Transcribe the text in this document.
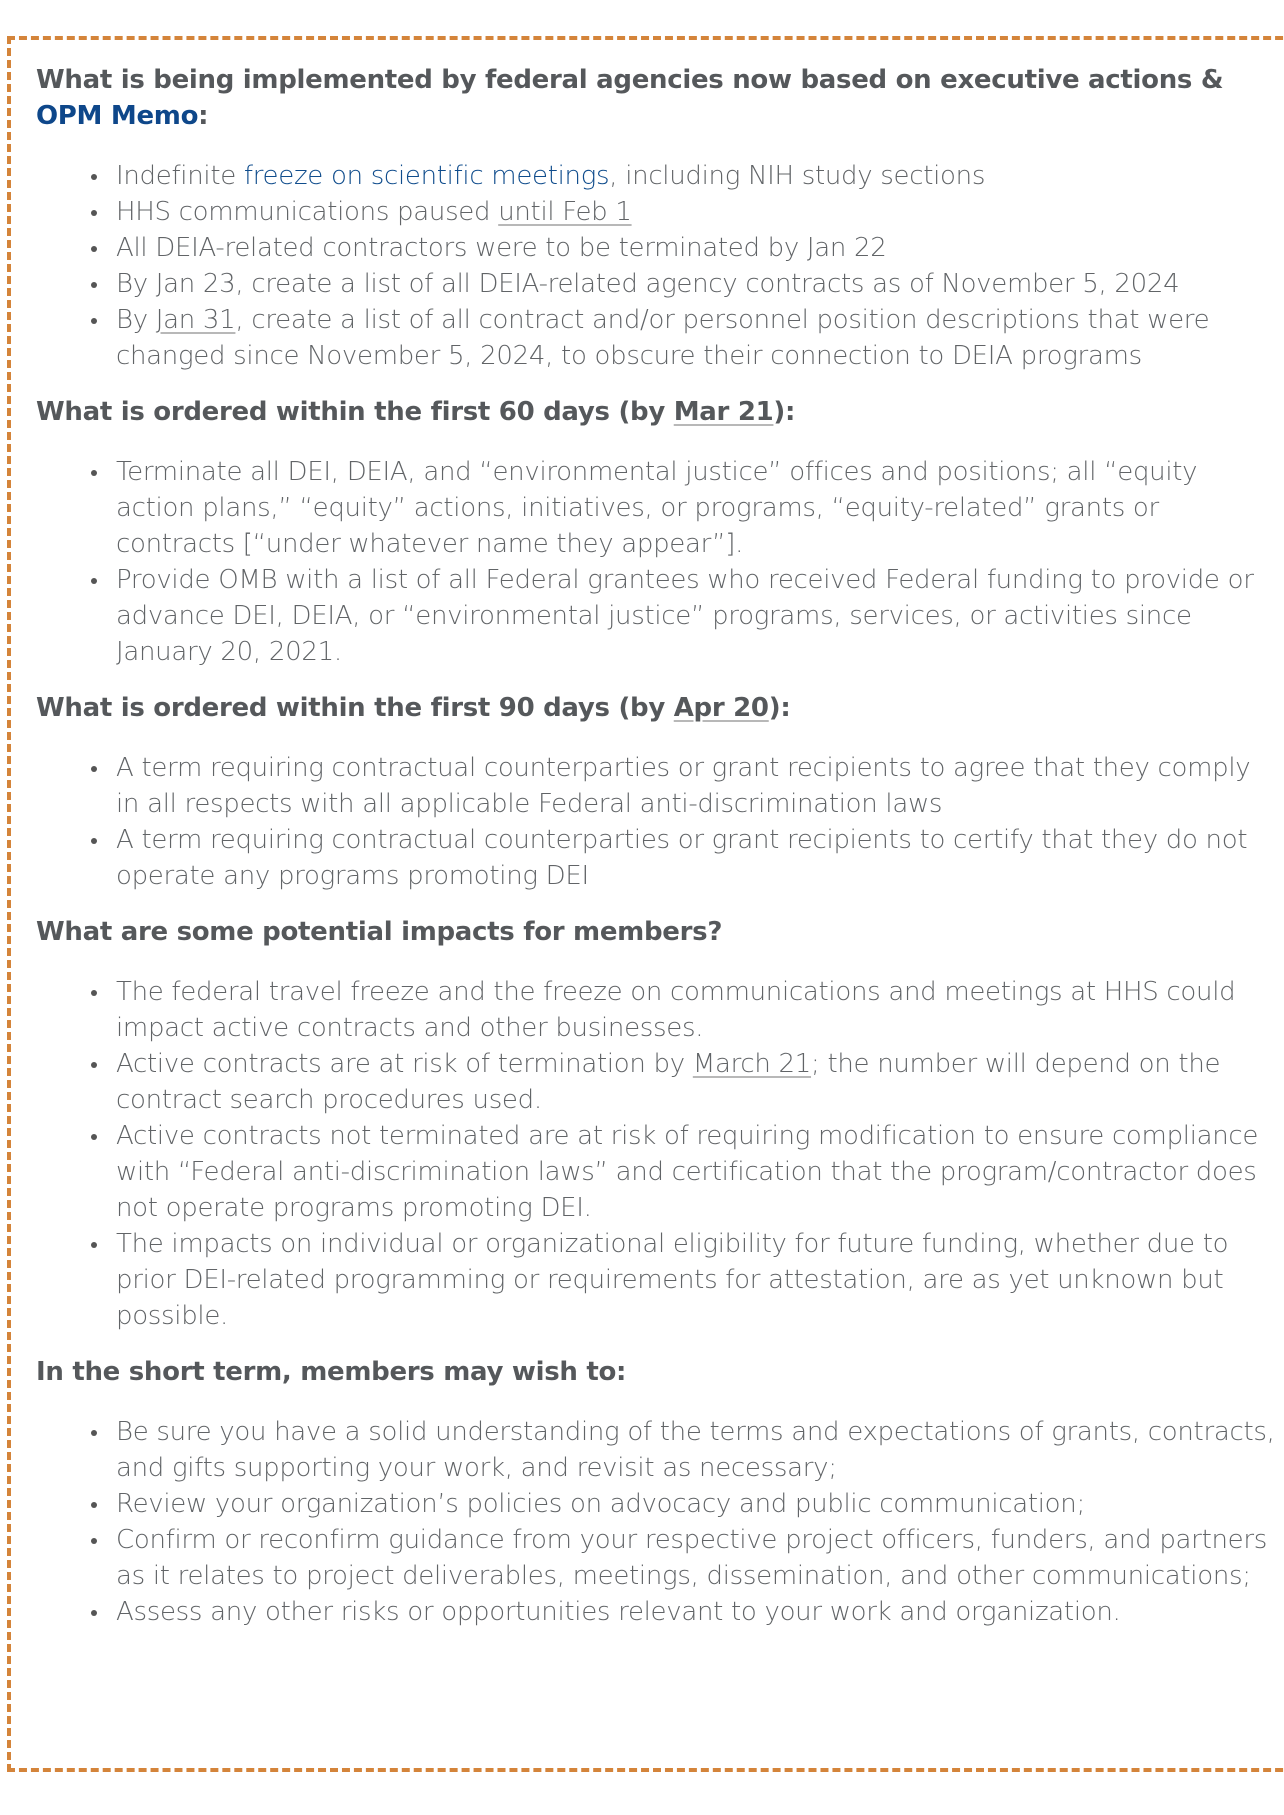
What is being implemented by federal agencies now based on executive actions & OPM Memo:
Indefinite freeze on scientific meetings, including NIH study sections
HHS communications paused until Feb 1
All DEIA-related contractors were to be terminated by Jan 22
By Jan 23, create a list of all DEIA-related agency contracts as of November 5, 2024
By Jan 31, create a list of all contract and/or personnel position descriptions that were changed since November 5, 2024, to obscure their connection to DEIA programs
What is ordered within the first 60 days (by Mar 21):
Terminate all DEI, DEIA, and “environmental justice” offices and positions; all “equity action plans,” “equity” actions, initiatives, or programs, “equity-related” grants or contracts [“under whatever name they appear”].
Provide OMB with a list of all Federal grantees who received Federal funding to provide or advance DEI, DEIA, or “environmental justice” programs, services, or activities since January 20, 2021.
What is ordered within the first 90 days (by Apr 20):
A term requiring contractual counterparties or grant recipients to agree that they comply in all respects with all applicable Federal anti-discrimination laws
A term requiring contractual counterparties or grant recipients to certify that they do not operate any programs promoting DEI
What are some potential impacts for members?
The federal travel freeze and the freeze on communications and meetings at HHS could impact active contracts and other businesses.
Active contracts are at risk of termination by March 21; the number will depend on the contract search procedures used.
Active contracts not terminated are at risk of requiring modification to ensure compliance with “Federal anti-discrimination laws” and certification that the program/contractor does not operate programs promoting DEI.
The impacts on individual or organizational eligibility for future funding, whether due to prior DEI-related programming or requirements for attestation, are as yet unknown but possible.
In the short term, members may wish to:
Be sure you have a solid understanding of the terms and expectations of grants, contracts, and gifts supporting your work, and revisit as necessary;
Review your organization’s policies on advocacy and public communication;
Confirm or reconfirm guidance from your respective project officers, funders, and partners as it relates to project deliverables, meetings, dissemination, and other communications;
Assess any other risks or opportunities relevant to your work and organization.
